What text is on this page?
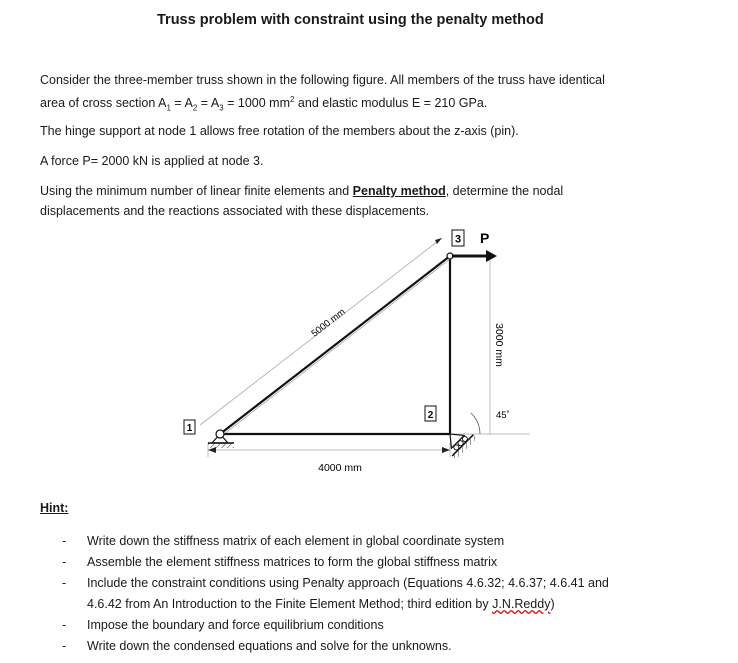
Truss problem with constraint using the penalty method
Consider the three-member truss shown in the following figure. All members of the truss have identical
area of cross section $A_1 = A_2 = A_3 = 1000$ $mm^2$ and elastic modulus E = 210 GPa.
The hinge support at node 1 allows free rotation of the members about the z-axis (pin).
A force P= 2000 kN is applied at node 3.
Using the minimum number of linear finite elements and Penalty method, determine the nodal
displacements and the reactions associated with these displacements.
1
2
3 P
5000 mm
4000 mm
3000 mm
45˚
Hint:
- Write down the stiffness matrix of each element in global coordinate system
- Assemble the element stiffness matrices to form the global stiffness matrix
- Include the constraint conditions using Penalty approach (Equations 4.6.32; 4.6.37; 4.6.41 and
4.6.42 from An Introduction to the Finite Element Method; third edition by J.N.Reddy)
- Impose the boundary and force equilibrium conditions
- Write down the condensed equations and solve for the unknowns.
